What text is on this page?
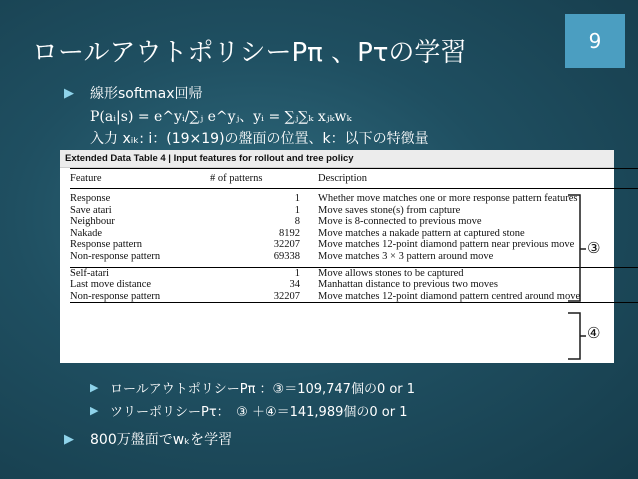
9
ロールアウトポリシーPπ 、Pτの学習
▶ 線形softmax回帰
P(aᵢ|s) = e^yᵢ/∑ⱼ e^yⱼ、yᵢ = ∑ⱼ∑ₖ xⱼₖwₖ
入力 xᵢₖ: i：(19×19)の盤面の位置、k：以下の特徴量
Extended Data Table 4 | Input features for rollout and tree policy
Feature	# of patterns	Description

Response	1	Whether move matches one or more response pattern features
Save atari	1	Move saves stone(s) from capture
Neighbour	8	Move is 8-connected to previous move
Nakade	8192	Move matches a nakade pattern at captured stone
Response pattern	32207	Move matches 12-point diamond pattern near previous move
Non-response pattern	69338	Move matches 3 × 3 pattern around move

Self-atari	1	Move allows stones to be captured
Last move distance	34	Manhattan distance to previous two moves
Non-response pattern	32207	Move matches 12-point diamond pattern centred around move
③
④
▶ ロールアウトポリシーPπ ：③＝109,747個の0 or 1
▶ ツリーポリシーPτ：　③ ＋④＝141,989個の0 or 1
▶ 800万盤面でwₖを学習
